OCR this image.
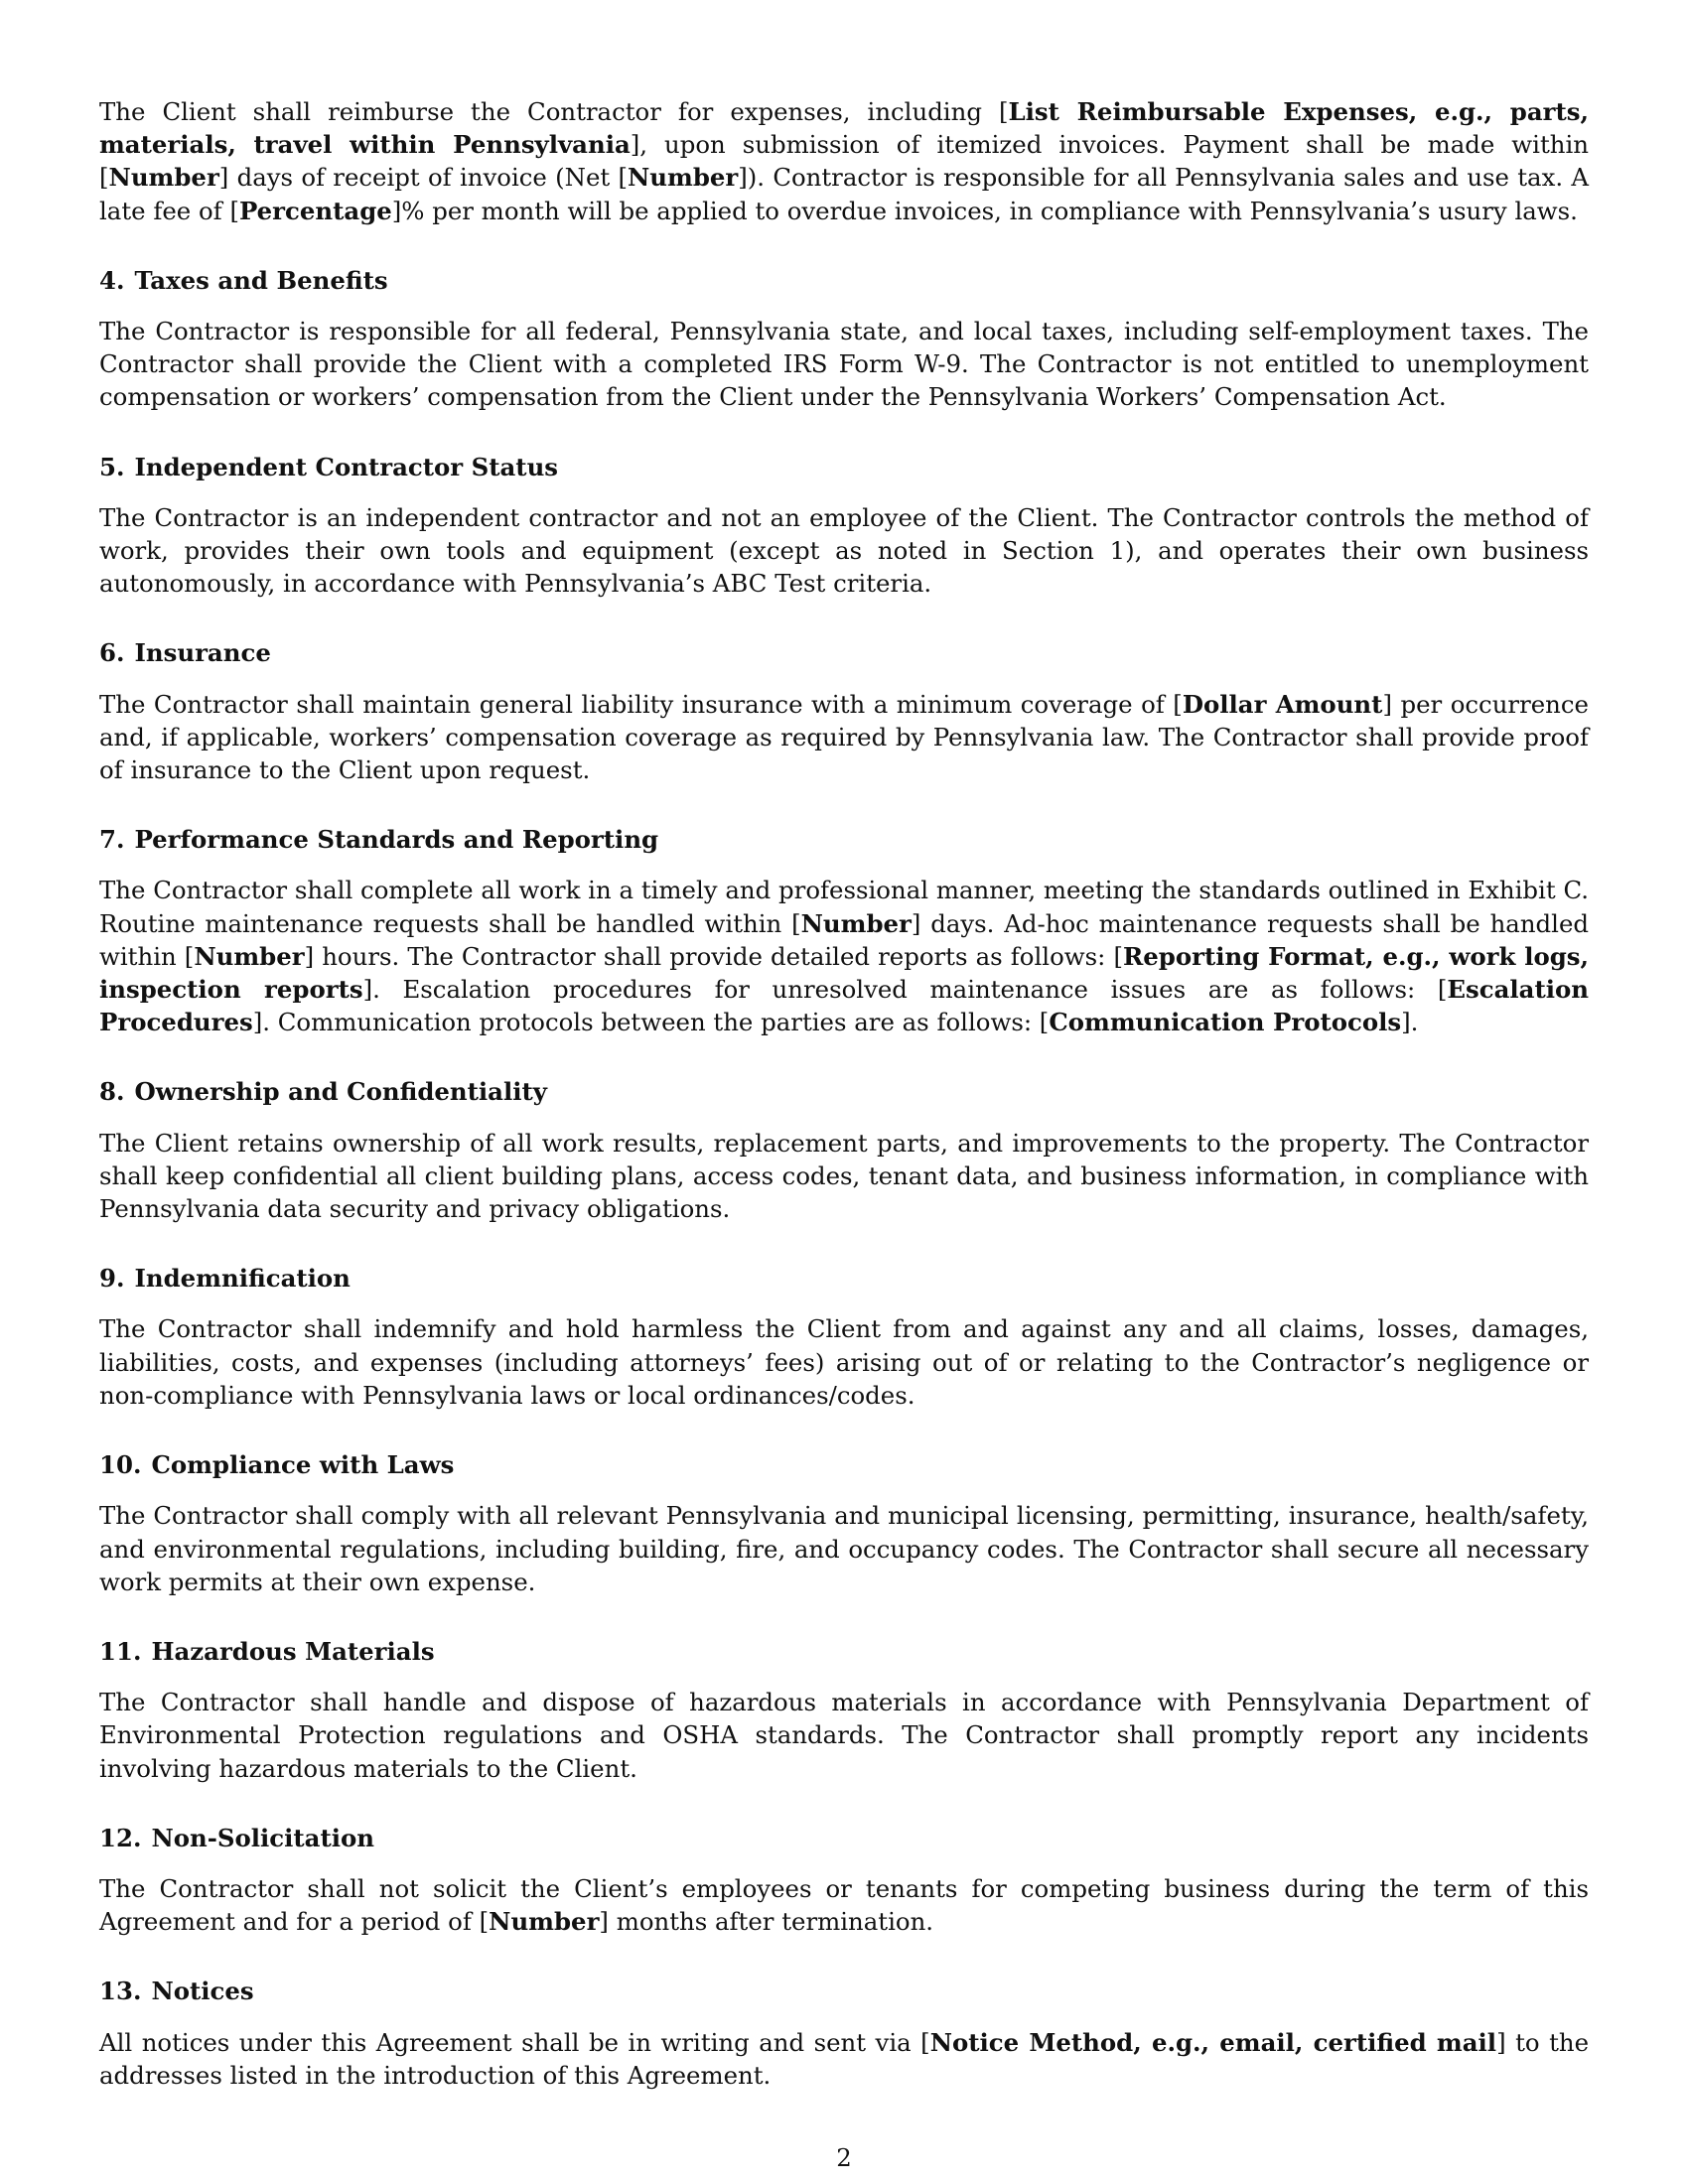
The Client shall reimburse the Contractor for expenses, including [List Reimbursable Expenses, e.g., parts, materials, travel within Pennsylvania], upon submission of itemized invoices. Payment shall be made within [Number] days of receipt of invoice (Net [Number]). Contractor is responsible for all Pennsylvania sales and use tax. A late fee of [Percentage]% per month will be applied to overdue invoices, in compliance with Pennsylvania’s usury laws.

4. Taxes and Benefits

The Contractor is responsible for all federal, Pennsylvania state, and local taxes, including self-employment taxes. The Contractor shall provide the Client with a completed IRS Form W-9. The Contractor is not entitled to unemployment compensation or workers’ compensation from the Client under the Pennsylvania Workers’ Compensation Act.

5. Independent Contractor Status

The Contractor is an independent contractor and not an employee of the Client. The Contractor controls the method of work, provides their own tools and equipment (except as noted in Section 1), and operates their own business autonomously, in accordance with Pennsylvania’s ABC Test criteria.

6. Insurance

The Contractor shall maintain general liability insurance with a minimum coverage of [Dollar Amount] per occurrence and, if applicable, workers’ compensation coverage as required by Pennsylvania law. The Contractor shall provide proof of insurance to the Client upon request.

7. Performance Standards and Reporting

The Contractor shall complete all work in a timely and professional manner, meeting the standards outlined in Exhibit C. Routine maintenance requests shall be handled within [Number] days. Ad-hoc maintenance requests shall be handled within [Number] hours. The Contractor shall provide detailed reports as follows: [Reporting Format, e.g., work logs, inspection reports]. Escalation procedures for unresolved maintenance issues are as follows: [Escalation Procedures]. Communication protocols between the parties are as follows: [Communication Protocols].

8. Ownership and Confidentiality

The Client retains ownership of all work results, replacement parts, and improvements to the property. The Contractor shall keep confidential all client building plans, access codes, tenant data, and business information, in compliance with Pennsylvania data security and privacy obligations.

9. Indemnification

The Contractor shall indemnify and hold harmless the Client from and against any and all claims, losses, damages, liabilities, costs, and expenses (including attorneys’ fees) arising out of or relating to the Contractor’s negligence or non-compliance with Pennsylvania laws or local ordinances/codes.

10. Compliance with Laws

The Contractor shall comply with all relevant Pennsylvania and municipal licensing, permitting, insurance, health/safety, and environmental regulations, including building, fire, and occupancy codes. The Contractor shall secure all necessary work permits at their own expense.

11. Hazardous Materials

The Contractor shall handle and dispose of hazardous materials in accordance with Pennsylvania Department of Environmental Protection regulations and OSHA standards. The Contractor shall promptly report any incidents involving hazardous materials to the Client.

12. Non-Solicitation

The Contractor shall not solicit the Client’s employees or tenants for competing business during the term of this Agreement and for a period of [Number] months after termination.

13. Notices

All notices under this Agreement shall be in writing and sent via [Notice Method, e.g., email, certified mail] to the addresses listed in the introduction of this Agreement.

2
